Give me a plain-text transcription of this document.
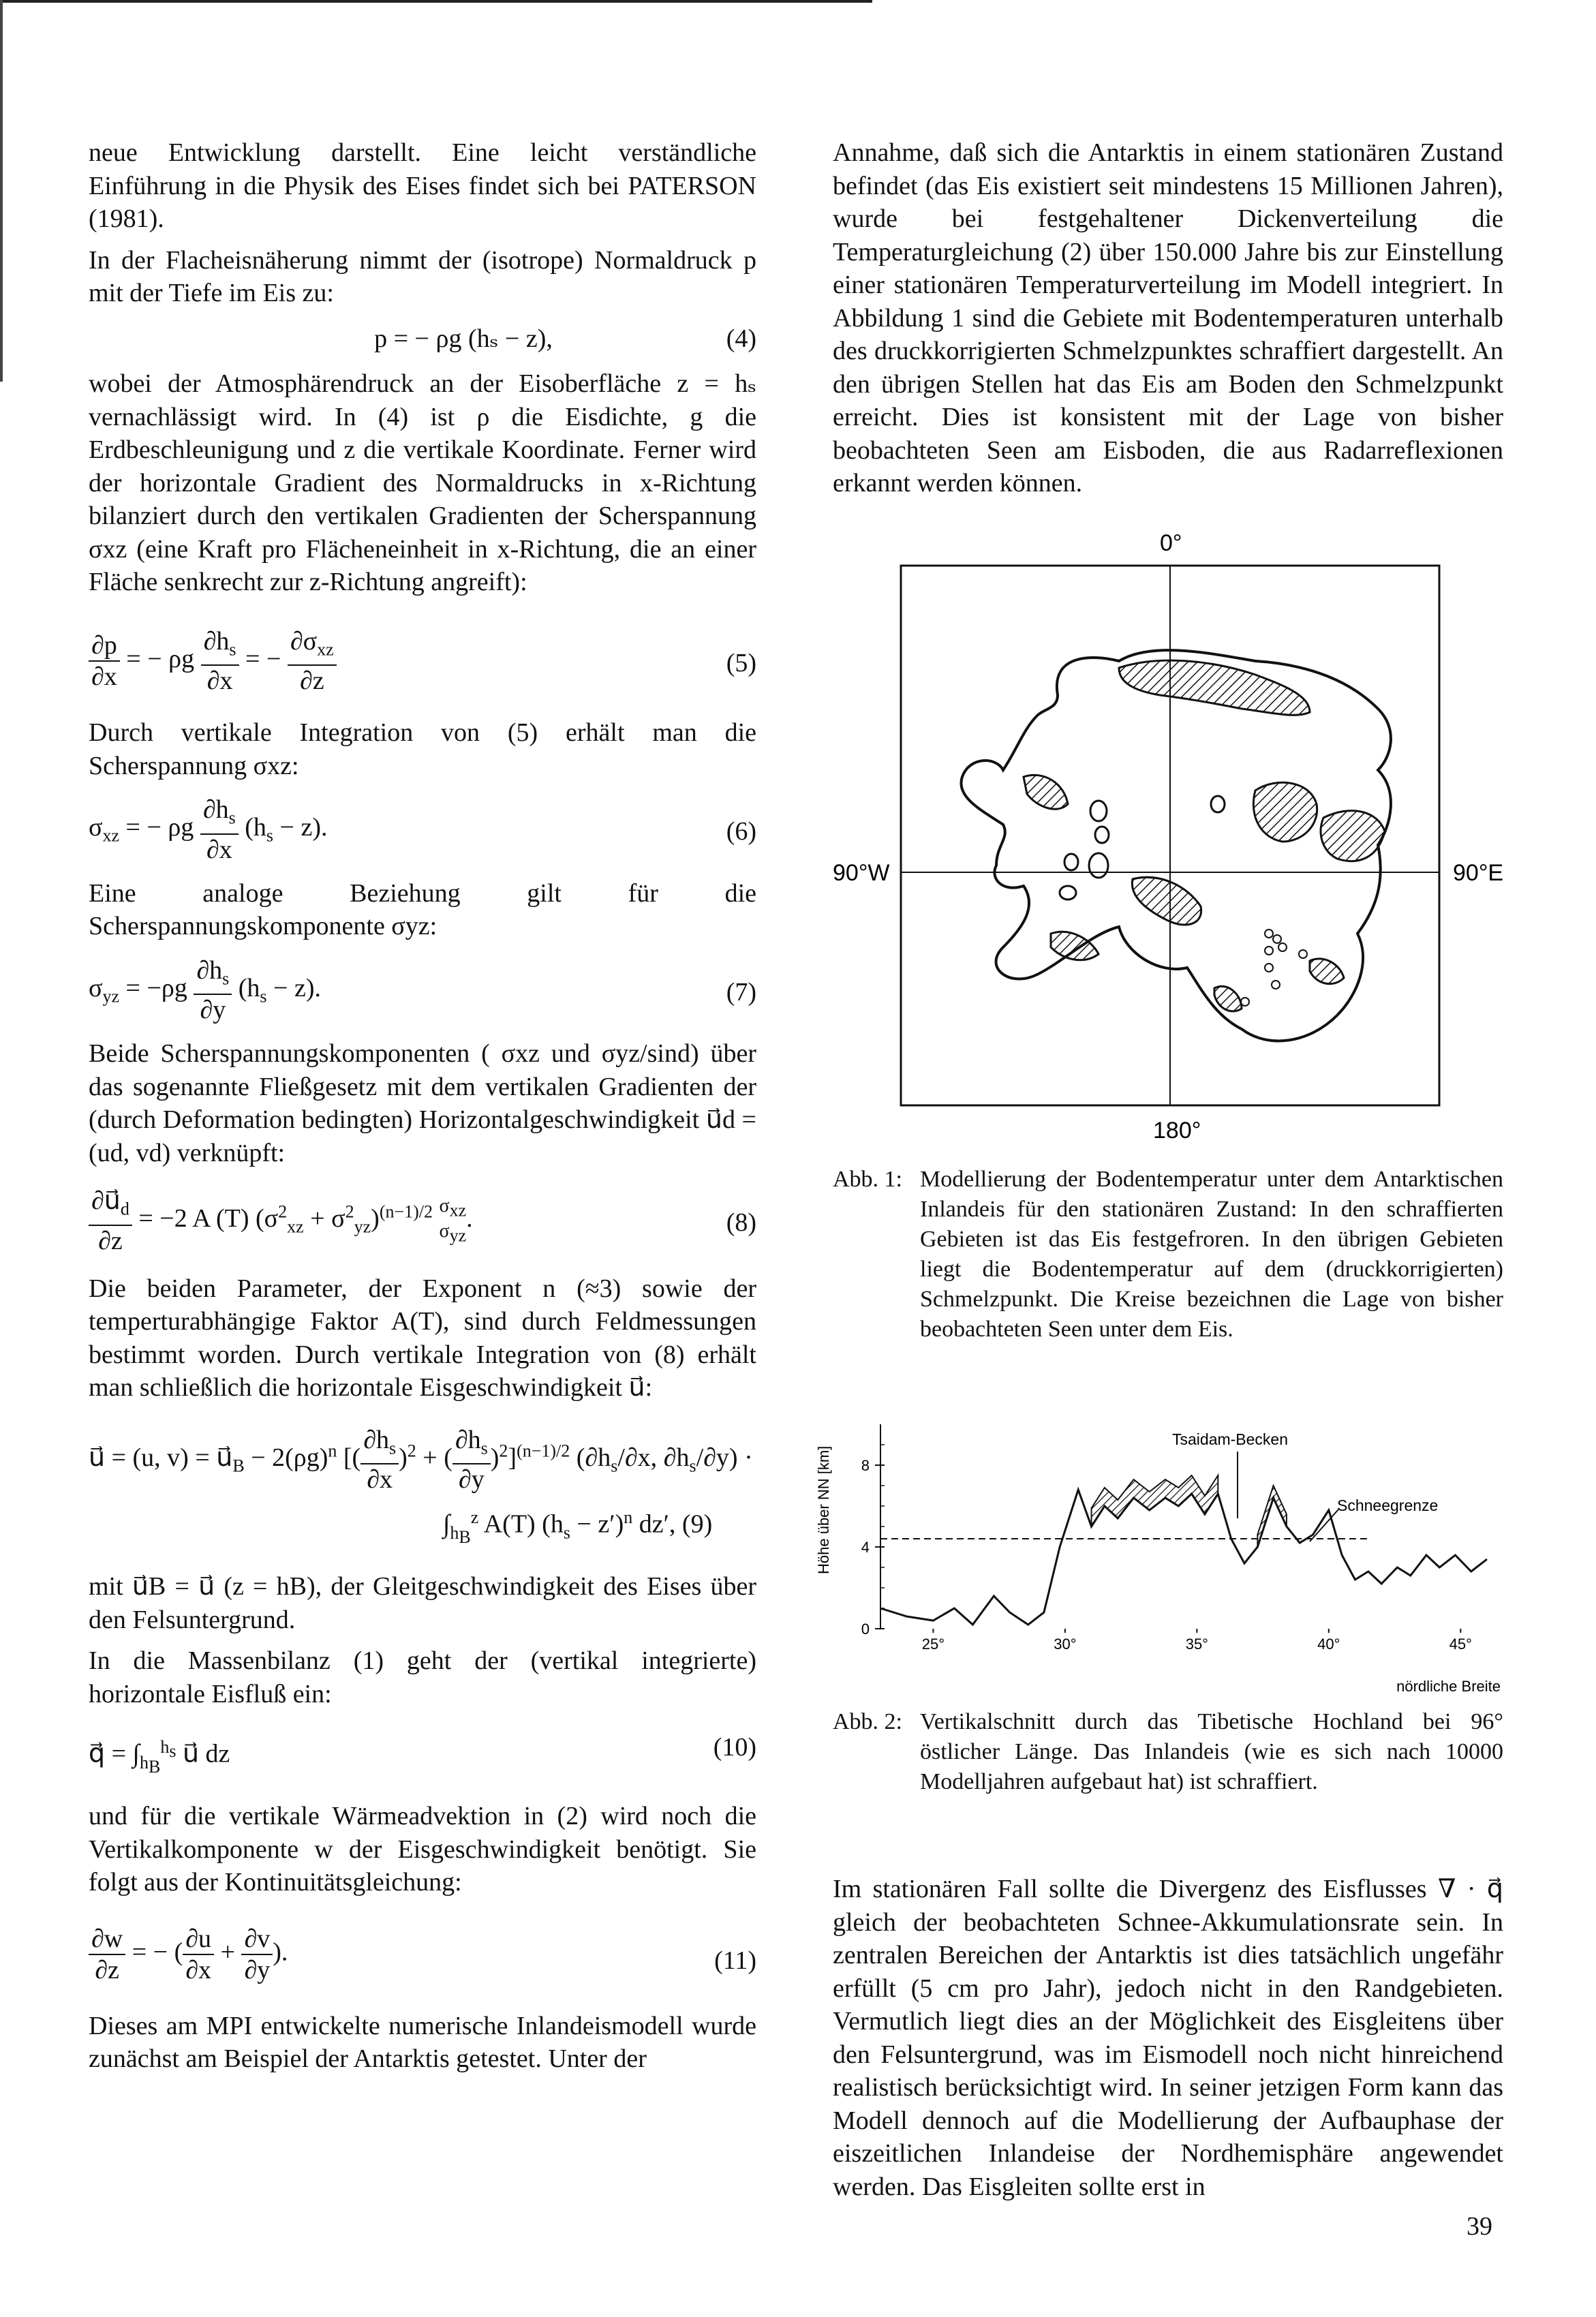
neue Entwicklung darstellt. Eine leicht verständliche Einführung in die Physik des Eises findet sich bei PATERSON (1981).

In der Flacheisnäherung nimmt der (isotrope) Normaldruck p mit der Tiefe im Eis zu:

p = − ρg (hₛ − z),	(4)

wobei der Atmosphärendruck an der Eisoberfläche z = hₛ vernachlässigt wird. In (4) ist ρ die Eisdichte, g die Erdbeschleunigung und z die vertikale Koordinate. Ferner wird der horizontale Gradient des Normaldrucks in x-Richtung bilanziert durch den vertikalen Gradienten der Scherspannung σxz (eine Kraft pro Flächeneinheit in x-Richtung, die an einer Fläche senkrecht zur z-Richtung angreift):

$\frac{\partial p}{\partial x}$ = − ρg $\frac{\partial h_s}{\partial x}$ = − $\frac{\partial\sigma_{xz}}{\partial z}$	(5)

Durch vertikale Integration von (5) erhält man die Scherspannung σxz:

$\sigma_{xz}$ = − ρg $\frac{\partial h_s}{\partial x} (h_s - z)$.	(6)

Eine analoge Beziehung gilt für die Scherspannungskomponente σyz:

$\sigma_{yz} = -\rho g \frac{\partial h_s}{\partial y} (h_s - z)$.	(7)

Beide Scherspannungskomponenten ( σxz und σyz/sind) über das sogenannte Fließgesetz mit dem vertikalen Gradienten der (durch Deformation bedingten) Horizontalgeschwindigkeit u⃗d = (ud, vd) verknüpft:

$\frac{\partial u⃗_d}{\partial z} = -2$ A (T) $(\sigma^2_{xz} + \sigma^2_{yz})^{(n-1)/2}$ $\sigma_{xz}$
$\sigma_{yz}$
.	(8)

Die beiden Parameter, der Exponent n (≈3) sowie der temperturabhängige Faktor A(T), sind durch Feldmessungen bestimmt worden. Durch vertikale Integration von (8) erhält man schließlich die horizontale Eisgeschwindigkeit u⃗:

u⃗ = (u, $v) = u⃗_B - 2(\rho g)^n$ [( $\frac{\partial h_s}{\partial x} )^2$ + ( $\frac{\partial h_s}{\partial y} )^2]^{(n-1)/2}$ ($\partial h_s/\partial x$, $\partial h_s/\partial y$) ·
$\int_{h_B}^z$ A(T) $(h_s - z')^n$ dz′, (9)

mit u⃗B = u⃗ (z = hB), der Gleitgeschwindigkeit des Eises über den Felsuntergrund.

In die Massenbilanz (1) geht der (vertikal integrierte) horizontale Eisfluß ein:

q⃗ = $\int_{h_B}^{h_s}$ u⃗ dz	(10)

und für die vertikale Wärmeadvektion in (2) wird noch die Vertikalkomponente w der Eisgeschwindigkeit benötigt. Sie folgt aus der Kontinuitätsgleichung:

$\frac{\partial w}{\partial z}$ = − ( $\frac{\partial u}{\partial x} + \frac{\partial v}{\partial y}$ ).	(11)

Dieses am MPI entwickelte numerische Inlandeismodell wurde zunächst am Beispiel der Antarktis getestet. Unter der

Annahme, daß sich die Antarktis in einem stationären Zustand befindet (das Eis existiert seit mindestens 15 Millionen Jahren), wurde bei festgehaltener Dickenverteilung die Temperaturgleichung (2) über 150.000 Jahre bis zur Einstellung einer stationären Temperaturverteilung im Modell integriert. In Abbildung 1 sind die Gebiete mit Bodentemperaturen unterhalb des druckkorrigierten Schmelzpunktes schraffiert dargestellt. An den übrigen Stellen hat das Eis am Boden den Schmelzpunkt erreicht. Dies ist konsistent mit der Lage von bisher beobachteten Seen am Eisboden, die aus Radarreflexionen erkannt werden können.

0°
90°W	90°E
180°
Abb. 1: Modellierung der Bodentemperatur unter dem Antarktischen Inlandeis für den stationären Zustand: In den schraffierten Gebieten ist das Eis festgefroren. In den übrigen Gebieten liegt die Bodentemperatur auf dem (druckkorrigierten) Schmelzpunkt. Die Kreise bezeichnen die Lage von bisher beobachteten Seen unter dem Eis.
Höhe über NN [km]
0
4
8
25°	30°	35°	40°	45°
Tsaidam-Becken
Schneegrenze
nördliche Breite
Abb. 2: Vertikalschnitt durch das Tibetische Hochland bei 96° östlicher Länge. Das Inlandeis (wie es sich nach 10000 Modelljahren aufgebaut hat) ist schraffiert.

Im stationären Fall sollte die Divergenz des Eisflusses ∇ · q⃗ gleich der beobachteten Schnee-Akkumulationsrate sein. In zentralen Bereichen der Antarktis ist dies tatsächlich ungefähr erfüllt (5 cm pro Jahr), jedoch nicht in den Randgebieten. Vermutlich liegt dies an der Möglichkeit des Eisgleitens über den Felsuntergrund, was im Eismodell noch nicht hinreichend realistisch berücksichtigt wird. In seiner jetzigen Form kann das Modell dennoch auf die Modellierung der Aufbauphase der eiszeitlichen Inlandeise der Nordhemisphäre angewendet werden. Das Eisgleiten sollte erst in

39
